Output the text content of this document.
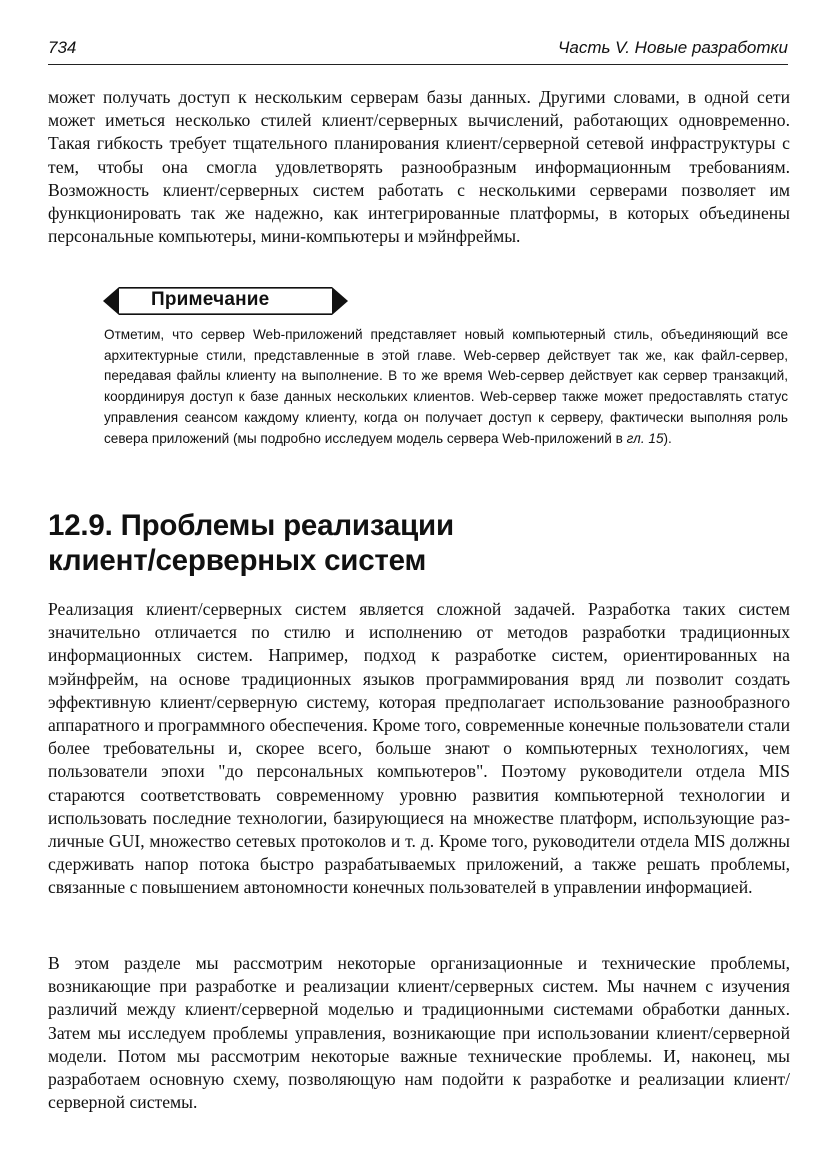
734	Часть V. Новые разработки

может получать доступ к нескольким серверам базы данных. Другими словами, в одной сети может иметься несколько стилей клиент/серверных вычислений, работающих одновременно. Такая гибкость требует тщательного планирования клиент/серверной сетевой инфраструктуры с тем, чтобы она смогла удовлетворять разнообразным информационным требованиям. Возможность клиент/серверных систем работать с несколькими серверами позволяет им функционировать так же надежно, как интегрированные платформы, в которых объединены персональные компьютеры, мини-компьютеры и мэйнфреймы.

Примечание

Отметим, что сервер Web-приложений представляет новый компьютерный стиль, объединяющий все архитектурные стили, представленные в этой главе. Web-сервер действует так же, как файл-сервер, передавая файлы клиенту на выполнение. В то же время Web-сервер действует как сервер транзакций, координируя доступ к базе данных нескольких клиентов. Web-сервер также может предоставлять статус управления сеансом каждому клиенту, когда он получает доступ к серверу, фактически выполняя роль севера приложений (мы подробно исследуем модель сервера Web-приложений в гл. 15).

12.9. Проблемы реализации
клиент/серверных систем

Реализация клиент/серверных систем является сложной задачей. Разработка таких систем значительно отличается по стилю и исполнению от методов разработки традиционных информационных систем. Например, подход к разработке систем, ориентированных на мэйнфрейм, на основе традиционных языков программирования вряд ли позволит создать эффективную клиент/серверную систему, которая предполагает использование разнообразного аппаратного и программного обеспечения. Кроме того, современные конечные пользователи стали более требовательны и, скорее всего, больше знают о компьютерных технологиях, чем пользователи эпохи "до персональных компьютеров". Поэтому руководители отдела MIS стараются соответствовать современному уровню развития компьютерной технологии и использовать последние технологии, базирующиеся на множестве платформ, использующие различные GUI, множество сетевых протоколов и т. д. Кроме того, руководители отдела MIS должны сдерживать напор потока быстро разрабатываемых приложений, а также решать проблемы, связанные с повышением автономности конечных пользователей в управлении информацией.

В этом разделе мы рассмотрим некоторые организационные и технические проблемы, возникающие при разработке и реализации клиент/серверных систем. Мы начнем с изучения различий между клиент/серверной моделью и традиционными системами обработки данных. Затем мы исследуем проблемы управления, возникающие при использовании клиент/серверной модели. Потом мы рассмотрим некоторые важные технические проблемы. И, наконец, мы разработаем основную схему, позволяющую нам подойти к разработке и реализации клиент/серверной системы.
